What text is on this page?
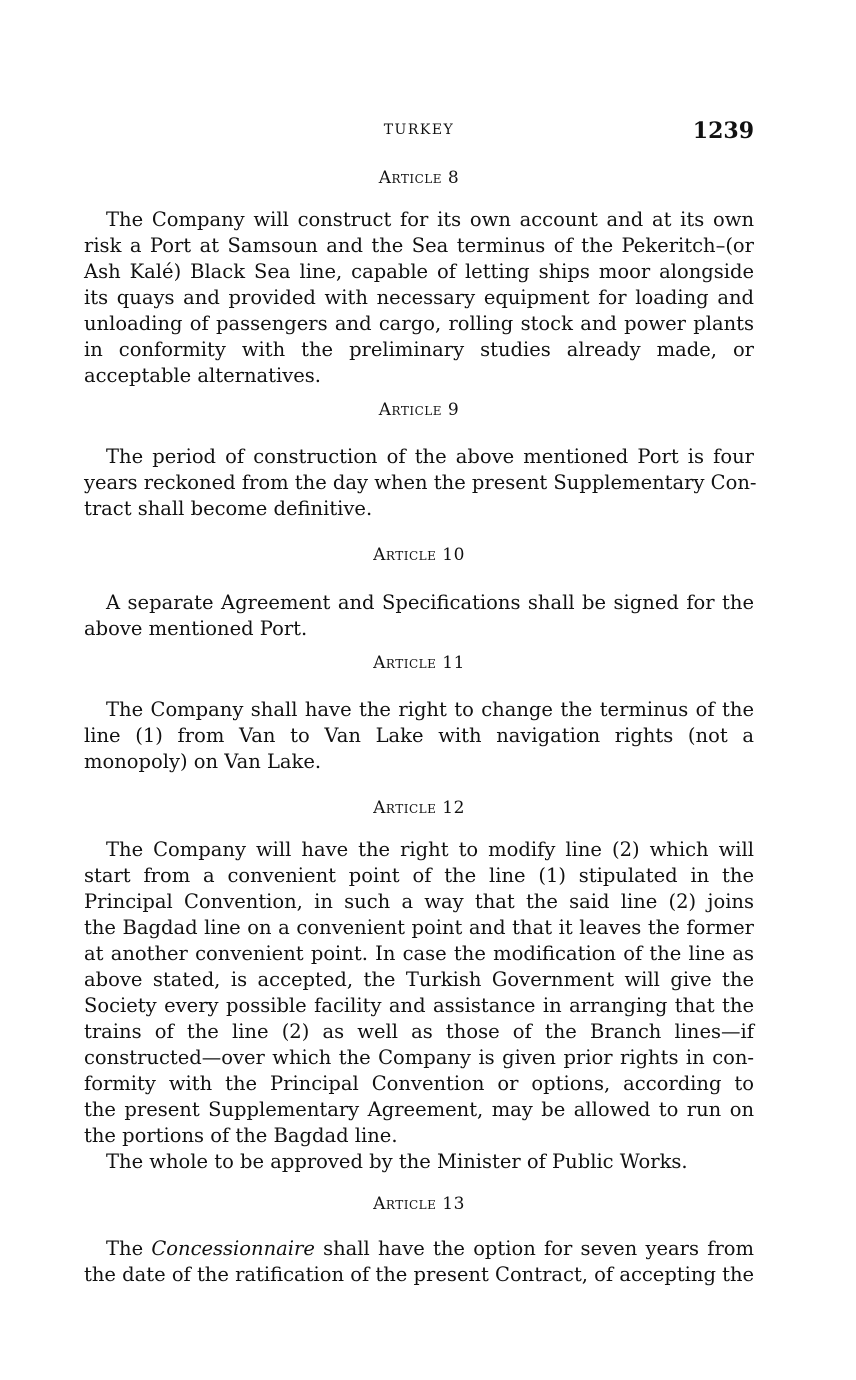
TURKEY	1239
Article 8
The Company will construct for its own account and at its own
risk a Port at Samsoun and the Sea terminus of the Pekeritch–(or
Ash Kalé) Black Sea line, capable of letting ships moor alongside
its quays and provided with necessary equipment for loading and
unloading of passengers and cargo, rolling stock and power plants
in conformity with the preliminary studies already made, or
acceptable alternatives.
Article 9
The period of construction of the above mentioned Port is four
years reckoned from the day when the present Supplementary Con-
tract shall become definitive.
Article 10
A separate Agreement and Specifications shall be signed for the
above mentioned Port.
Article 11
The Company shall have the right to change the terminus of the
line (1) from Van to Van Lake with navigation rights (not a
monopoly) on Van Lake.
Article 12
The Company will have the right to modify line (2) which will
start from a convenient point of the line (1) stipulated in the
Principal Convention, in such a way that the said line (2) joins
the Bagdad line on a convenient point and that it leaves the former
at another convenient point. In case the modification of the line as
above stated, is accepted, the Turkish Government will give the
Society every possible facility and assistance in arranging that the
trains of the line (2) as well as those of the Branch lines—if
constructed—over which the Company is given prior rights in con-
formity with the Principal Convention or options, according to
the present Supplementary Agreement, may be allowed to run on
the portions of the Bagdad line.
The whole to be approved by the Minister of Public Works.
Article 13
The Concessionnaire shall have the option for seven years from
the date of the ratification of the present Contract, of accepting the
